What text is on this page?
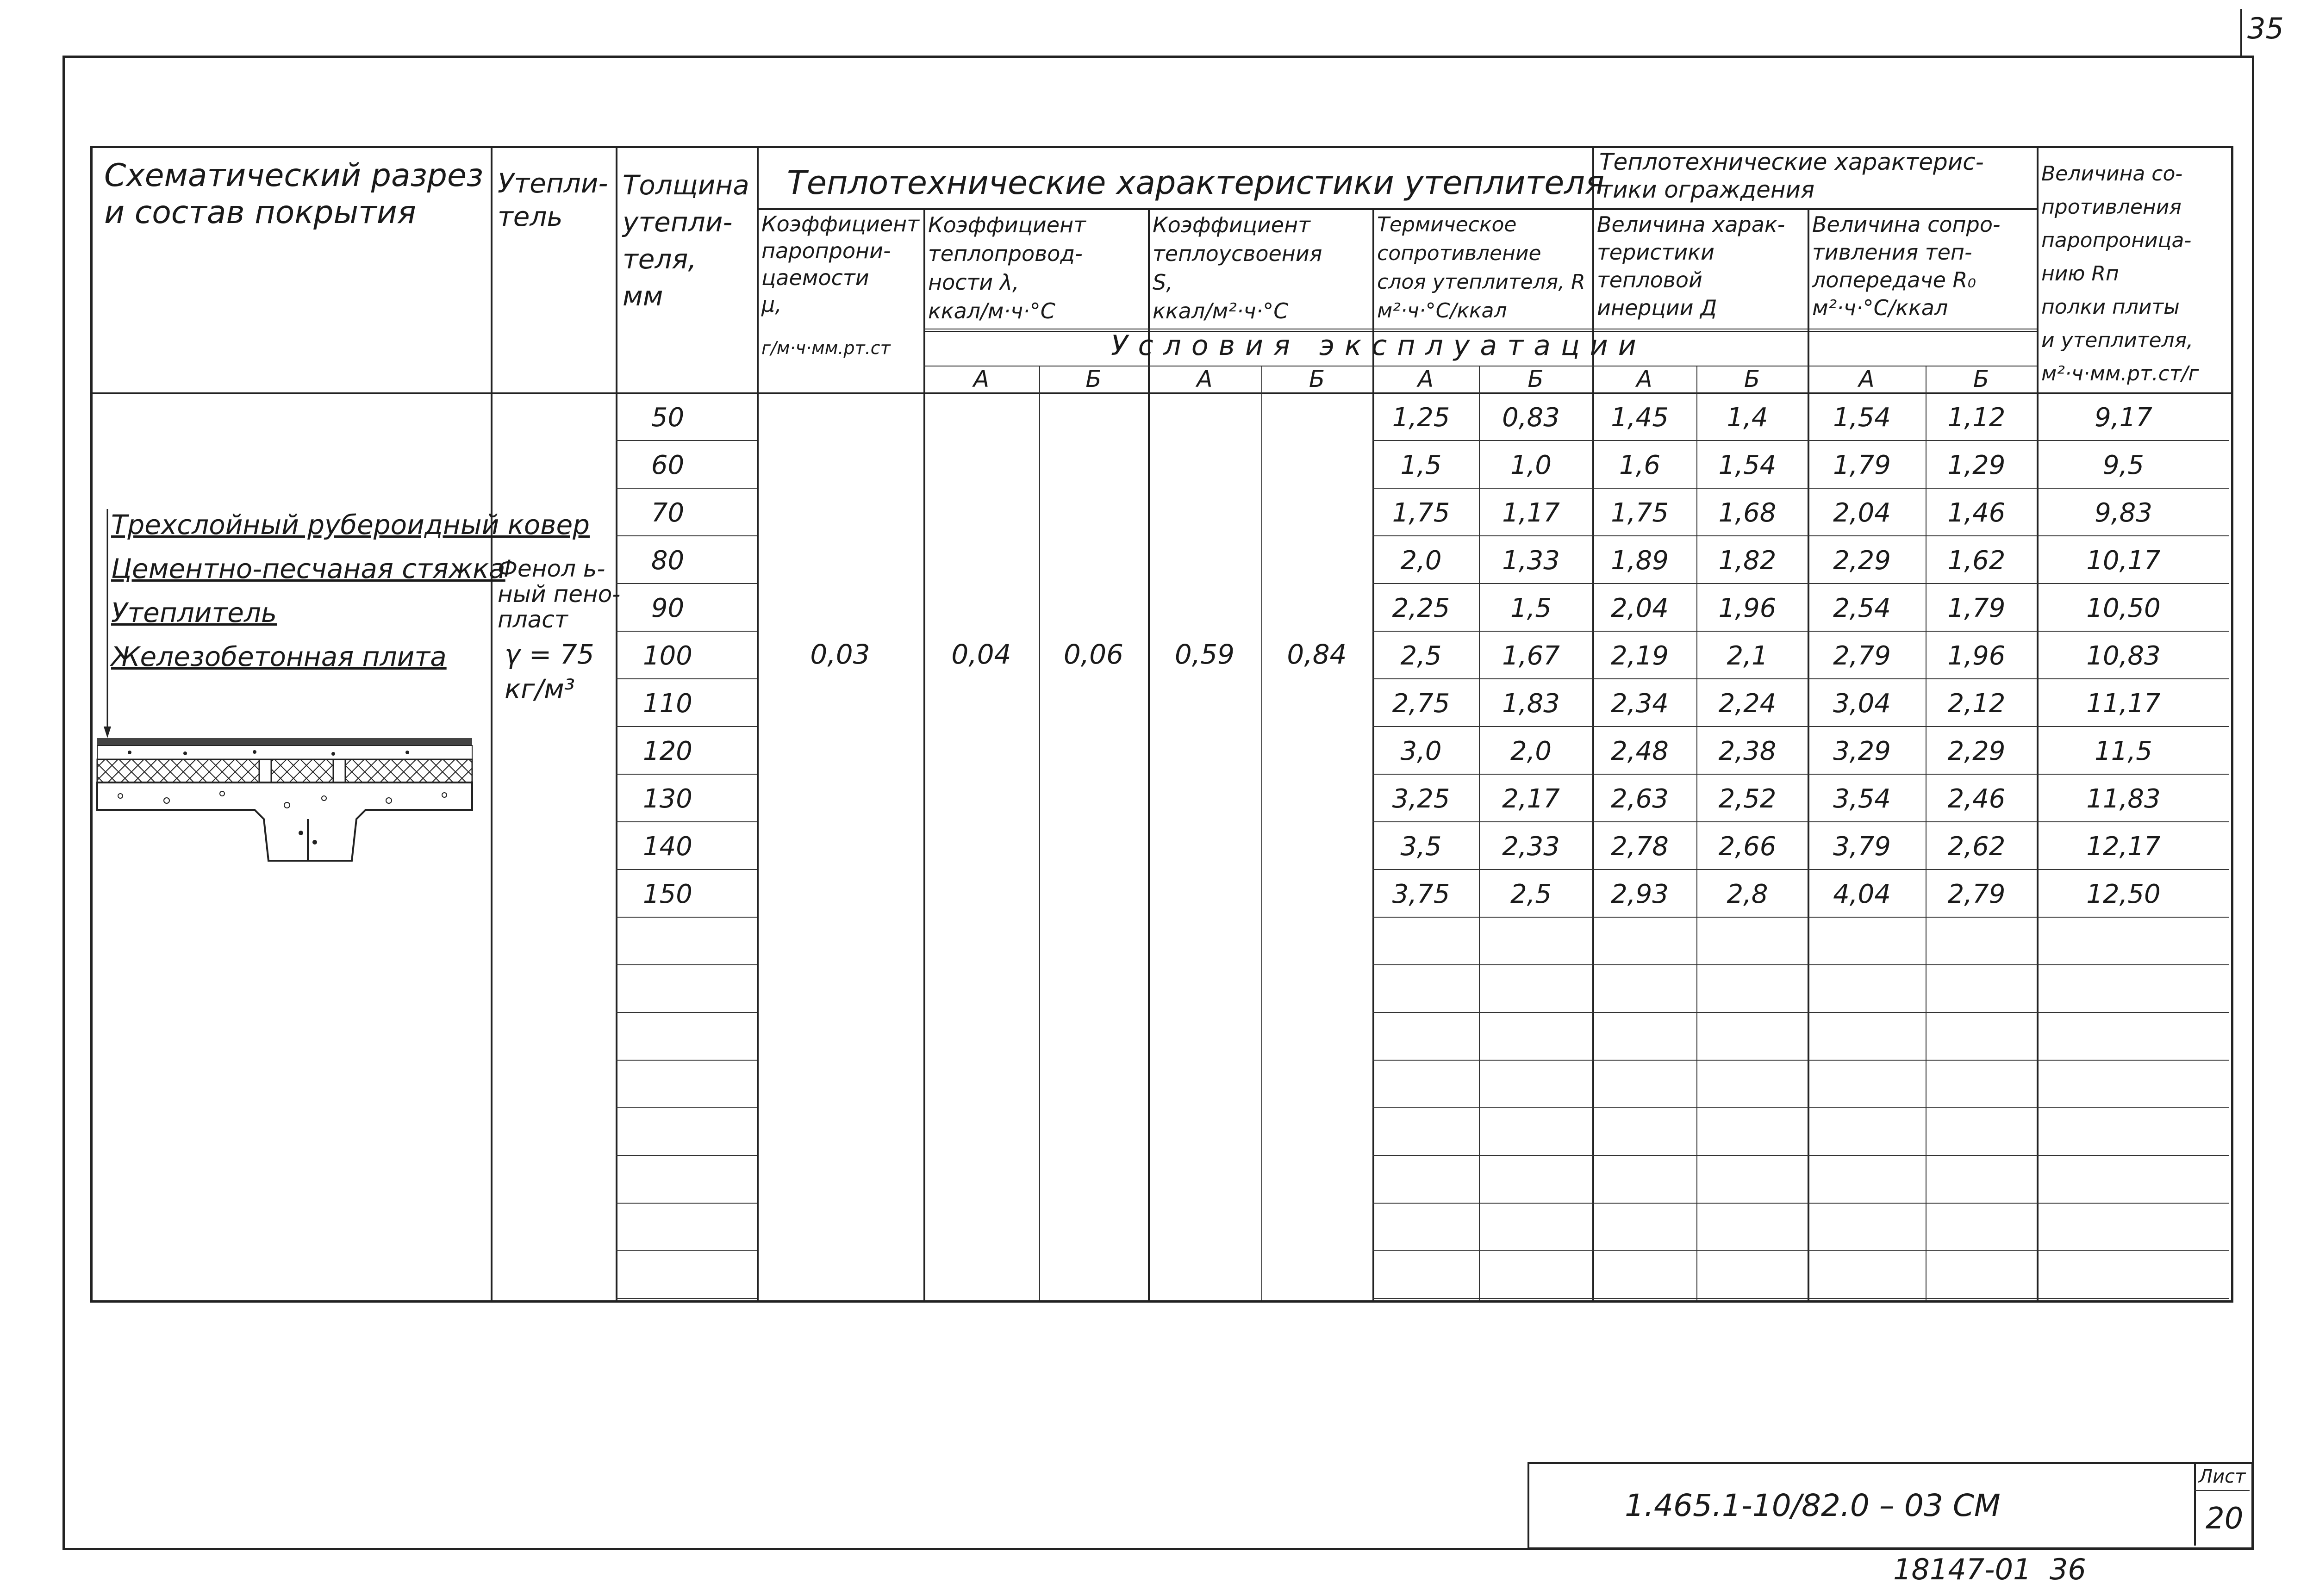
35
Схематический разрез
и состав покрытия
Утепли-
тель
Толщина
утепли-
теля,
мм
Теплотехнические характеристики утеплителя
Коэффициент
паропрони-
цаемости
μ,
г/м·ч·мм.рт.ст
Коэффициент
теплопровод-
ности λ,
ккал/м·ч·°С
Коэффициент
теплоусвоения
S,
ккал/м²·ч·°С
Термическое
сопротивление
слоя утеплителя, R
м²·ч·°С/ккал
Теплотехнические характерис-
тики ограждения
Величина харак-
теристики
тепловой
инерции Д
Величина сопро-
тивления теп-
лопередаче R₀
м²·ч·°С/ккал
Величина со-
противления
паропроница-
нию Rп
полки плиты
и утеплителя,
м²·ч·мм.рт.ст/г
Условия эксплуатации
А	Б	А	Б	А	Б	А	Б	А	Б
Трехслойный рубероидный ковер
Цементно-песчаная стяжка
Утеплитель
Железобетонная плита
Фенол ь-
ный пено-
пласт
γ = 75
кг/м³
0,03	0,04	0,06	0,59	0,84
50	1,25	0,83	1,45	1,4	1,54	1,12	9,17
60	1,5	1,0	1,6	1,54	1,79	1,29	9,5
70	1,75	1,17	1,75	1,68	2,04	1,46	9,83
80	2,0	1,33	1,89	1,82	2,29	1,62	10,17
90	2,25	1,5	2,04	1,96	2,54	1,79	10,50
100	2,5	1,67	2,19	2,1	2,79	1,96	10,83
110	2,75	1,83	2,34	2,24	3,04	2,12	11,17
120	3,0	2,0	2,48	2,38	3,29	2,29	11,5
130	3,25	2,17	2,63	2,52	3,54	2,46	11,83
140	3,5	2,33	2,78	2,66	3,79	2,62	12,17
150	3,75	2,5	2,93	2,8	4,04	2,79	12,50
1.465.1-10/82.0 – 03 СМ
Лист
20
18147-01  36
